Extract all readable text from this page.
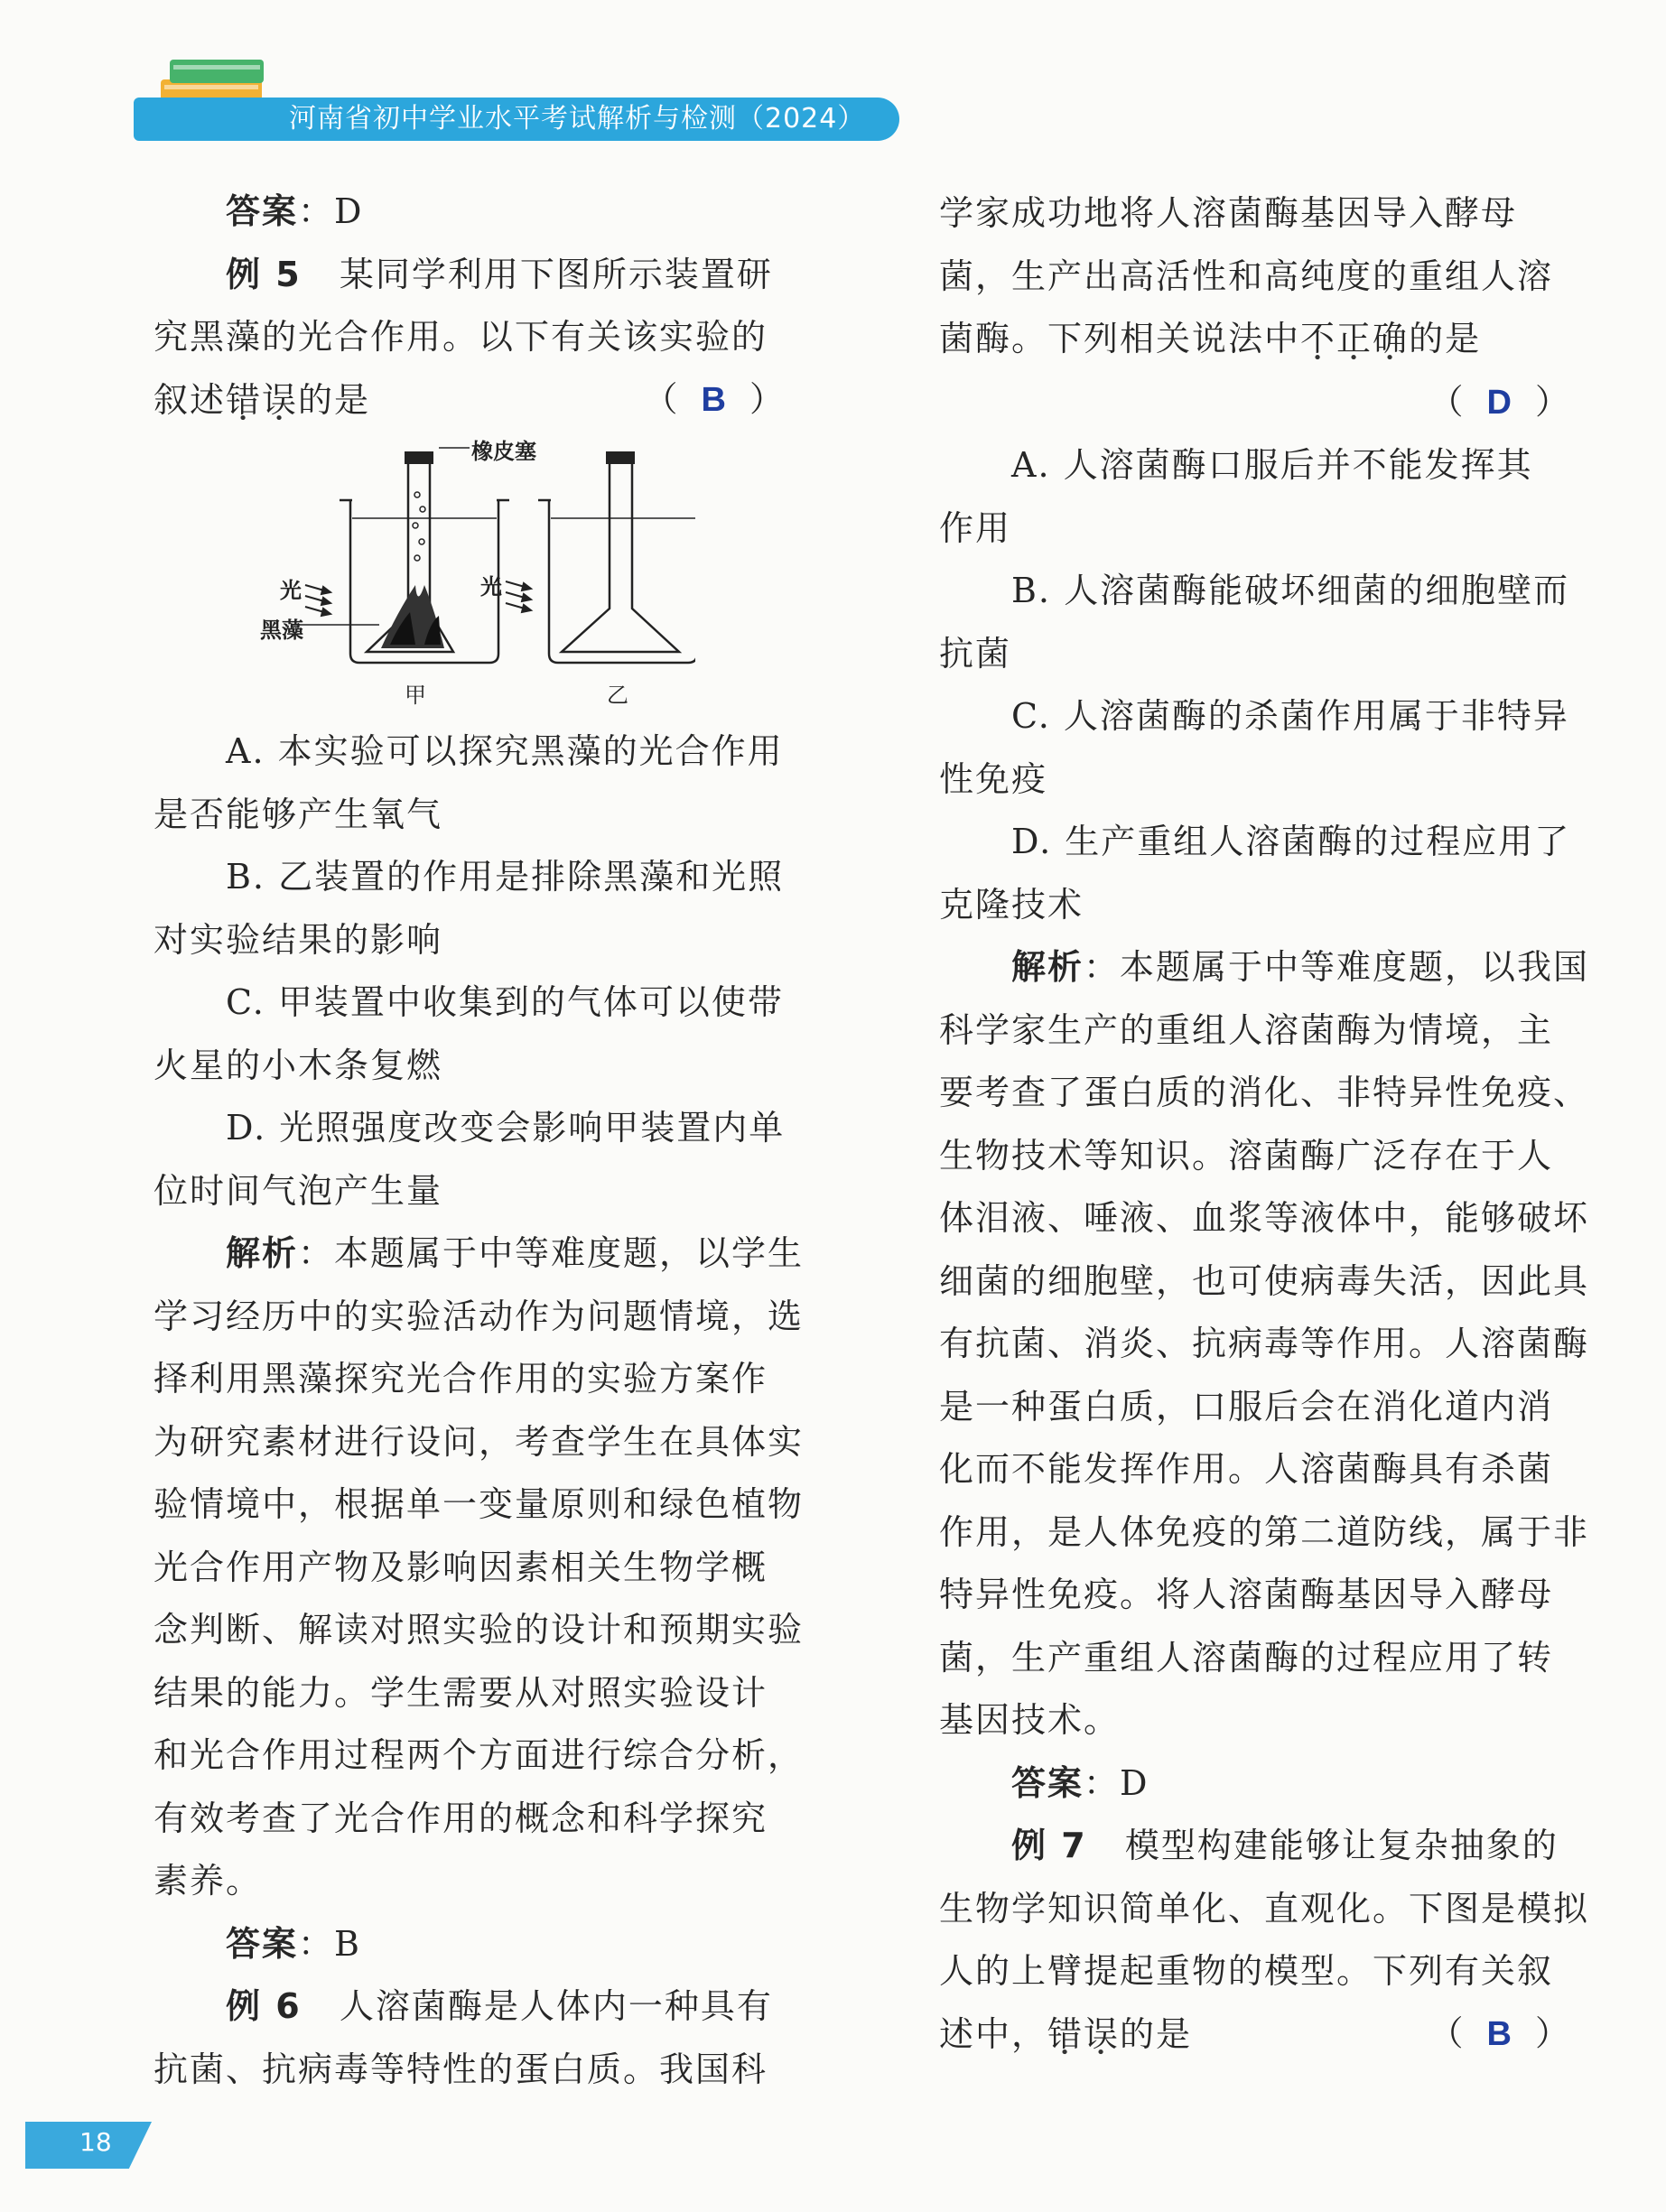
河南省初中学业水平考试解析与检测（2024）

答案：D

例 5 某同学利用下图所示装置研

究黑藻的光合作用。以下有关该实验的

叙述错误的是	（ B ）

橡皮塞
光
黑藻
光
甲	乙

A. 本实验可以探究黑藻的光合作用

是否能够产生氧气

B. 乙装置的作用是排除黑藻和光照

对实验结果的影响

C. 甲装置中收集到的气体可以使带

火星的小木条复燃

D. 光照强度改变会影响甲装置内单

位时间气泡产生量

解析：本题属于中等难度题，以学生

学习经历中的实验活动作为问题情境，选

择利用黑藻探究光合作用的实验方案作

为研究素材进行设问，考查学生在具体实

验情境中，根据单一变量原则和绿色植物

光合作用产物及影响因素相关生物学概

念判断、解读对照实验的设计和预期实验

结果的能力。学生需要从对照实验设计

和光合作用过程两个方面进行综合分析，

有效考查了光合作用的概念和科学探究

素养。

答案：B

例 6 人溶菌酶是人体内一种具有

抗菌、抗病毒等特性的蛋白质。我国科

学家成功地将人溶菌酶基因导入酵母

菌，生产出高活性和高纯度的重组人溶

菌酶。下列相关说法中不正确的是

（ D ）

A. 人溶菌酶口服后并不能发挥其

作用

B. 人溶菌酶能破坏细菌的细胞壁而

抗菌

C. 人溶菌酶的杀菌作用属于非特异

性免疫

D. 生产重组人溶菌酶的过程应用了

克隆技术

解析：本题属于中等难度题，以我国

科学家生产的重组人溶菌酶为情境，主

要考查了蛋白质的消化、非特异性免疫、

生物技术等知识。溶菌酶广泛存在于人

体泪液、唾液、血浆等液体中，能够破坏

细菌的细胞壁，也可使病毒失活，因此具

有抗菌、消炎、抗病毒等作用。人溶菌酶

是一种蛋白质，口服后会在消化道内消

化而不能发挥作用。人溶菌酶具有杀菌

作用，是人体免疫的第二道防线，属于非

特异性免疫。将人溶菌酶基因导入酵母

菌，生产重组人溶菌酶的过程应用了转

基因技术。

答案：D

例 7 模型构建能够让复杂抽象的

生物学知识简单化、直观化。下图是模拟

人的上臂提起重物的模型。下列有关叙

述中，错误的是	（ B ）

18
